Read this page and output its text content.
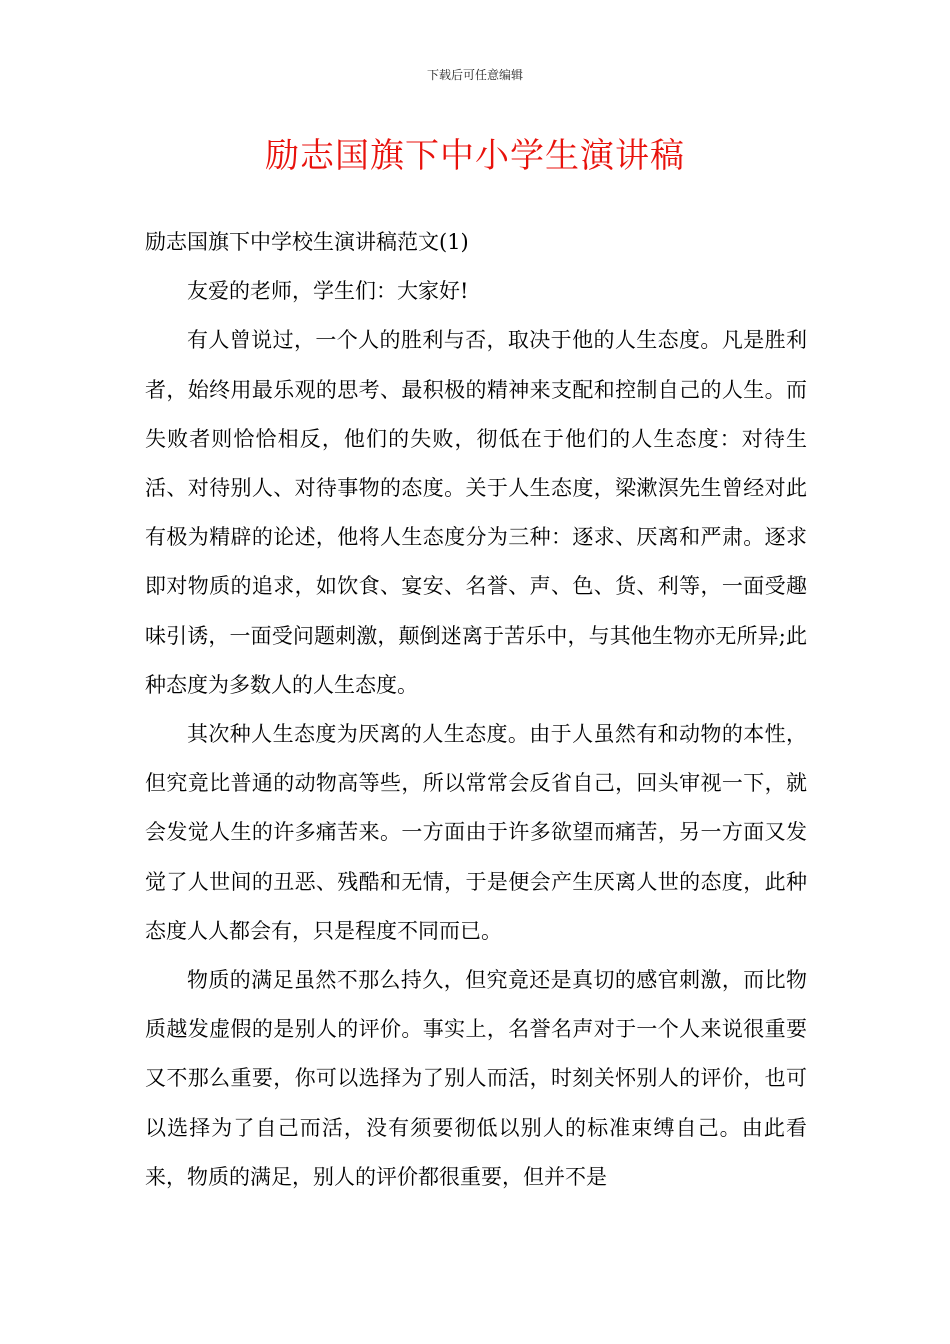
下载后可任意编辑
励志国旗下中小学生演讲稿

励志国旗下中学校生演讲稿范文(1)

友爱的老师，学生们：大家好!

有人曾说过，一个人的胜利与否，取决于他的人生态度。凡是胜利者，始终用最乐观的思考、最积极的精神来支配和控制自己的人生。而失败者则恰恰相反，他们的失败，彻低在于他们的人生态度：对待生活、对待别人、对待事物的态度。关于人生态度，梁漱溟先生曾经对此有极为精辟的论述，他将人生态度分为三种：逐求、厌离和严肃。逐求即对物质的追求，如饮食、宴安、名誉、声、色、货、利等，一面受趣味引诱，一面受问题刺激，颠倒迷离于苦乐中，与其他生物亦无所异;此种态度为多数人的人生态度。

其次种人生态度为厌离的人生态度。由于人虽然有和动物的本性，但究竟比普通的动物高等些，所以常常会反省自己，回头审视一下，就会发觉人生的许多痛苦来。一方面由于许多欲望而痛苦，另一方面又发觉了人世间的丑恶、残酷和无情，于是便会产生厌离人世的态度，此种态度人人都会有，只是程度不同而已。

物质的满足虽然不那么持久，但究竟还是真切的感官刺激，而比物质越发虚假的是别人的评价。事实上，名誉名声对于一个人来说很重要又不那么重要，你可以选择为了别人而活，时刻关怀别人的评价，也可以选择为了自己而活，没有须要彻低以别人的标准束缚自己。由此看来，物质的满足，别人的评价都很重要，但并不是
